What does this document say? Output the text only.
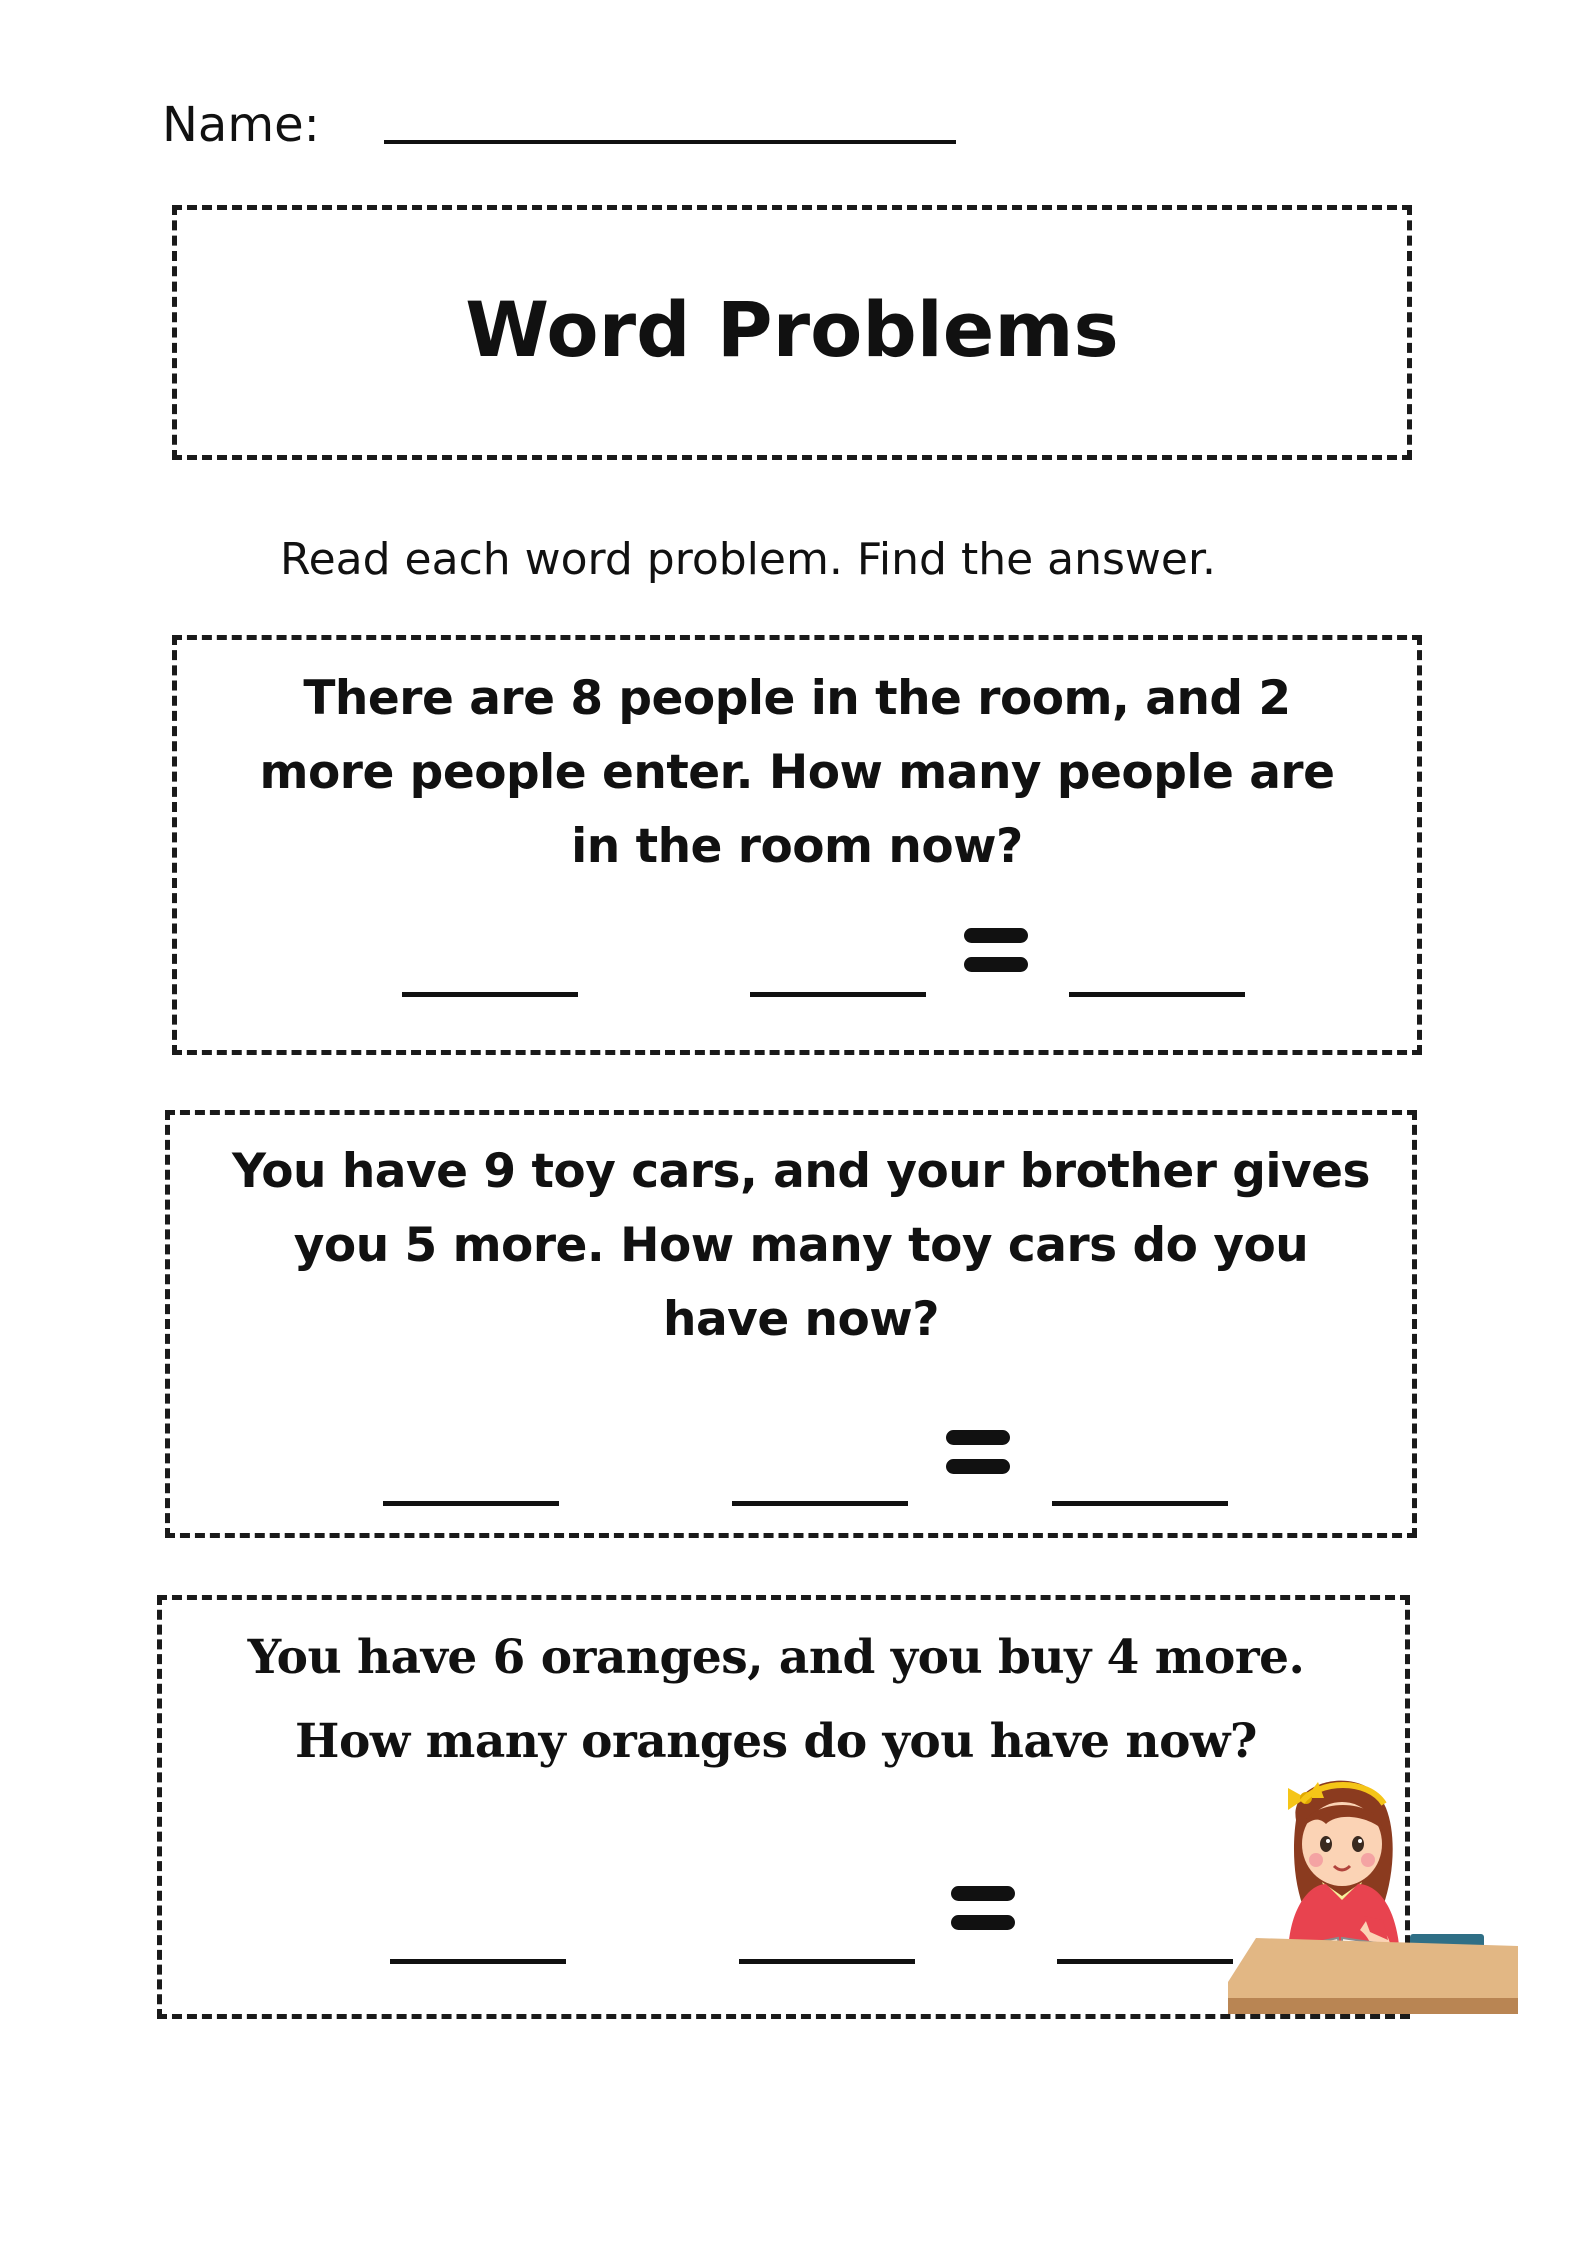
Name:
Word Problems
Read each word problem. Find the answer.
There are 8 people in the room, and 2 more people enter. How many people are in the room now?
You have 9 toy cars, and your brother gives you 5 more. How many toy cars do you have now?
You have 6 oranges, and you buy 4 more. How many oranges do you have now?
